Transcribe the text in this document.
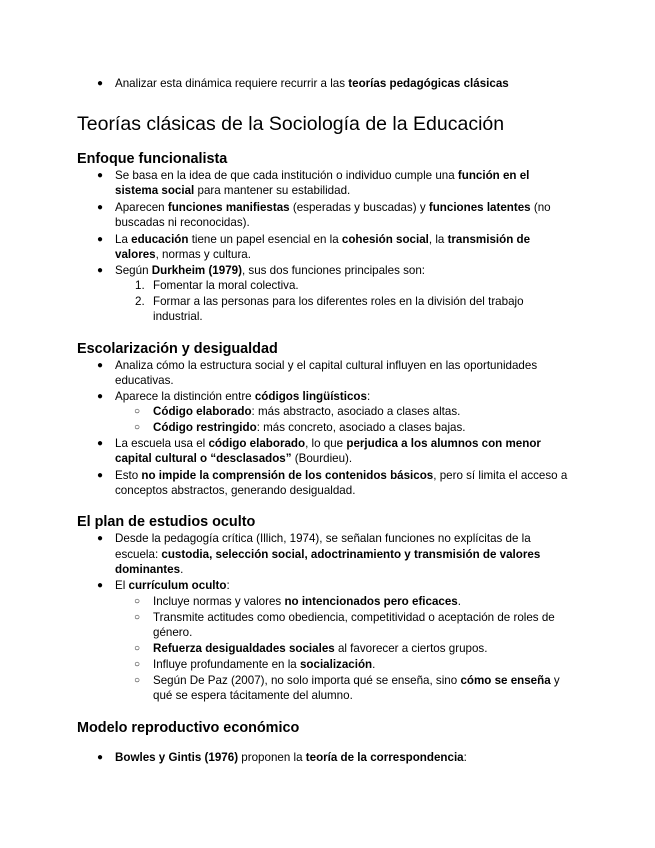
● Analizar esta dinámica requiere recurrir a las teorías pedagógicas clásicas
Teorías clásicas de la Sociología de la Educación
Enfoque funcionalista
● Se basa en la idea de que cada institución o individuo cumple una función en el
sistema social para mantener su estabilidad.
● Aparecen funciones manifiestas (esperadas y buscadas) y funciones latentes (no
buscadas ni reconocidas).
● La educación tiene un papel esencial en la cohesión social, la transmisión de
valores, normas y cultura.
● Según Durkheim (1979), sus dos funciones principales son:
1. Fomentar la moral colectiva.
2. Formar a las personas para los diferentes roles en la división del trabajo
industrial.
Escolarización y desigualdad
● Analiza cómo la estructura social y el capital cultural influyen en las oportunidades
educativas.
● Aparece la distinción entre códigos lingüísticos:
○ Código elaborado: más abstracto, asociado a clases altas.
○ Código restringido: más concreto, asociado a clases bajas.
● La escuela usa el código elaborado, lo que perjudica a los alumnos con menor
capital cultural o “desclasados” (Bourdieu).
● Esto no impide la comprensión de los contenidos básicos, pero sí limita el acceso a
conceptos abstractos, generando desigualdad.
El plan de estudios oculto
● Desde la pedagogía crítica (Illich, 1974), se señalan funciones no explícitas de la
escuela: custodia, selección social, adoctrinamiento y transmisión de valores
dominantes.
● El currículum oculto:
○ Incluye normas y valores no intencionados pero eficaces.
○ Transmite actitudes como obediencia, competitividad o aceptación de roles de
género.
○ Refuerza desigualdades sociales al favorecer a ciertos grupos.
○ Influye profundamente en la socialización.
○ Según De Paz (2007), no solo importa qué se enseña, sino cómo se enseña y
qué se espera tácitamente del alumno.
Modelo reproductivo económico
● Bowles y Gintis (1976) proponen la teoría de la correspondencia:
